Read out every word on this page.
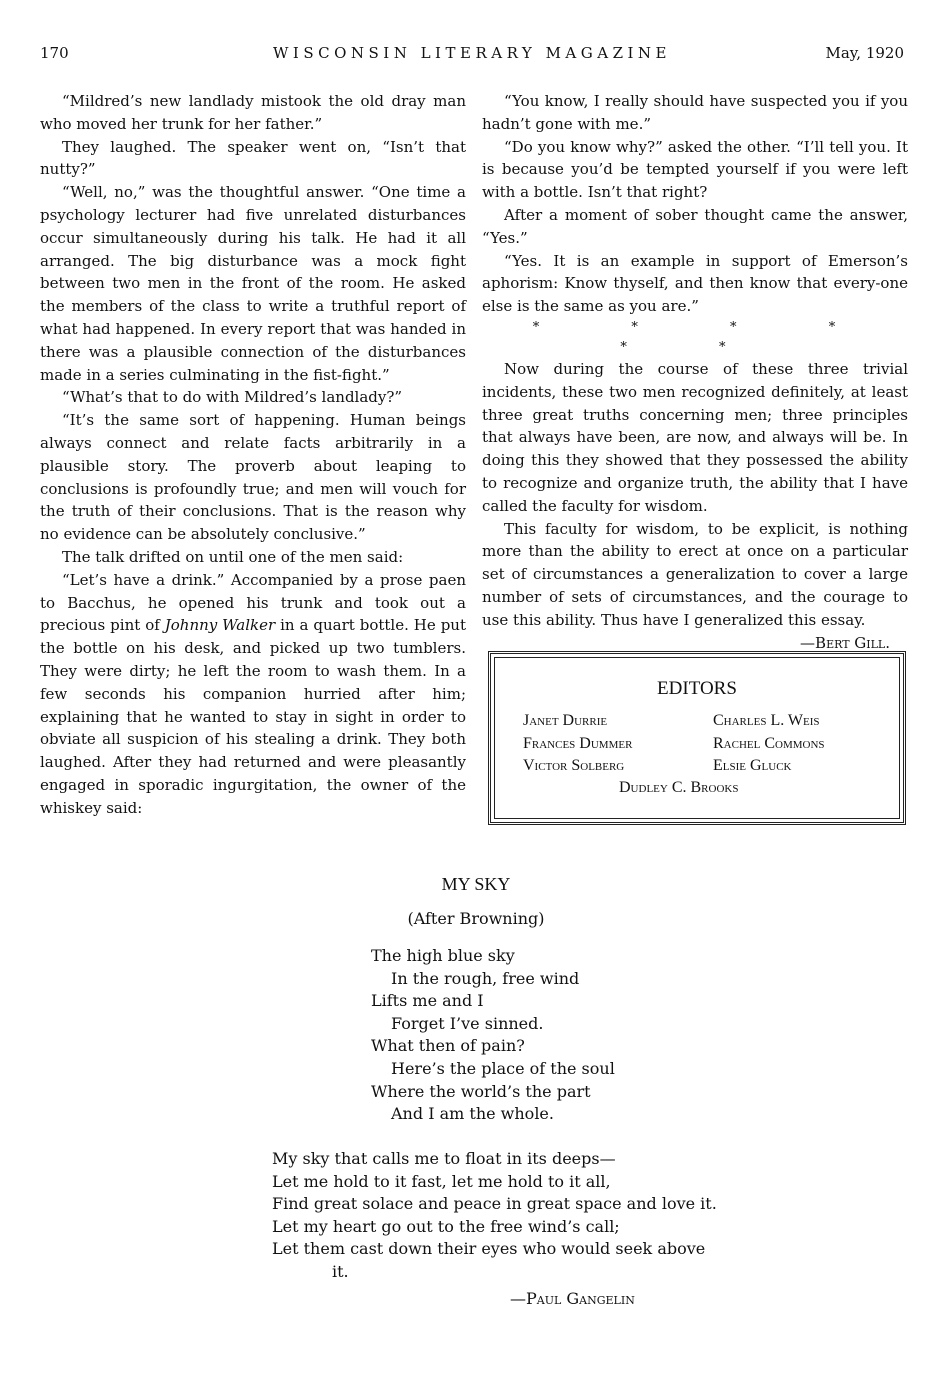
170	WISCONSIN LITERARY MAGAZINE	May, 1920

“Mildred’s new landlady mistook the old dray man who moved her trunk for her father.”

They laughed. The speaker went on, “Isn’t that nutty?”

“Well, no,” was the thoughtful answer. “One time a psychology lecturer had five unrelated disturbances occur simultaneously during his talk. He had it all arranged. The big disturbance was a mock fight between two men in the front of the room. He asked the members of the class to write a truthful report of what had happened. In every report that was handed in there was a plausible connection of the disturbances made in a series culminating in the fist-fight.”

“What’s that to do with Mildred’s landlady?”

“It’s the same sort of happening. Human beings always connect and relate facts arbitrarily in a plausible story. The proverb about leaping to conclusions is profoundly true; and men will vouch for the truth of their conclusions. That is the reason why no evidence can be absolutely conclusive.”

The talk drifted on until one of the men said:

“Let’s have a drink.” Accompanied by a prose paen to Bacchus, he opened his trunk and took out a precious pint of Johnny Walker in a quart bottle. He put the bottle on his desk, and picked up two tumblers. They were dirty; he left the room to wash them. In a few seconds his companion hurried after him; explaining that he wanted to stay in sight in order to obviate all suspicion of his stealing a drink. They both laughed. After they had returned and were pleasantly engaged in sporadic ingurgitation, the owner of the whiskey said:

“You know, I really should have suspected you if you hadn’t gone with me.”

“Do you know why?” asked the other. “I’ll tell you. It is because you’d be tempted yourself if you were left with a bottle. Isn’t that right?

After a moment of sober thought came the answer, “Yes.”

“Yes. It is an example in support of Emerson’s aphorism: Know thyself, and then know that every-one else is the same as you are.”

* * * * * *

Now during the course of these three trivial incidents, these two men recognized definitely, at least three great truths concerning men; three principles that always have been, are now, and always will be. In doing this they showed that they possessed the ability to recognize and organize truth, the ability that I have called the faculty for wisdom.

This faculty for wisdom, to be explicit, is nothing more than the ability to erect at once on a particular set of circumstances a generalization to cover a large number of sets of circumstances, and the courage to use this ability. Thus have I generalized this essay.

—Bert Gill.

EDITORS
Janet Durrie	Charles L. Weis
Frances Dummer	Rachel Commons
Victor Solberg	Elsie Gluck
Dudley C. Brooks
MY SKY
(After Browning)
The high blue sky
In the rough, free wind
Lifts me and I
Forget I’ve sinned.
What then of pain?
Here’s the place of the soul
Where the world’s the part
And I am the whole.
My sky that calls me to float in its deeps—
Let me hold to it fast, let me hold to it all,
Find great solace and peace in great space and love it.
Let my heart go out to the free wind’s call;
Let them cast down their eyes who would seek above
it.
—Paul Gangelin
